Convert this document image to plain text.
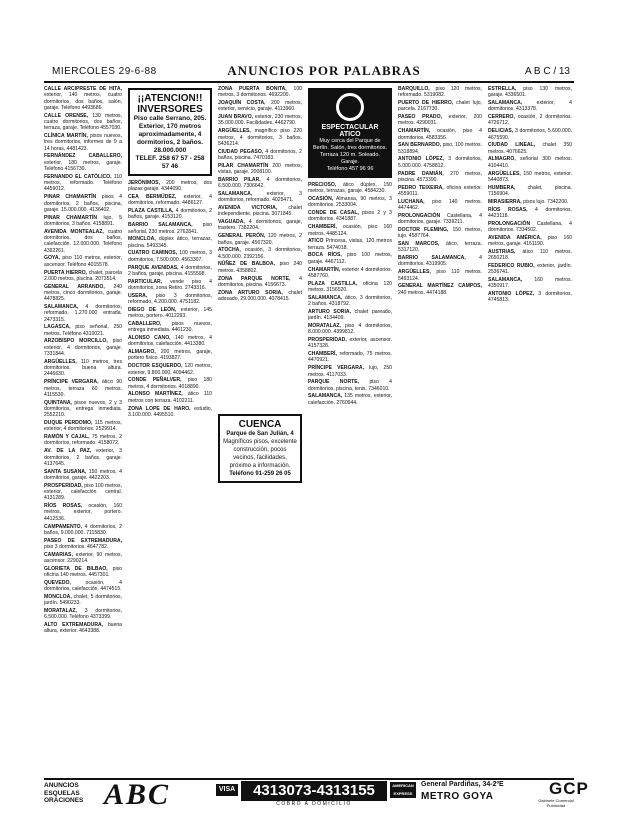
MIERCOLES 29-6-88	ANUNCIOS POR PALABRAS	A B C / 13

CALLE ARCIPRESTE DE HITA, exterior, 140 metros, cuatro dormitorios, dos baños, salón, garaje. Teléfono 4493686.

CALLE ORENSE, 130 metros, cuatro dormitorios, dos baños, terraza, garaje. Teléfono 4557030.

CLÍNICA MARTÍN, pisos nuevos, tres dormitorios, informes de 9 a 14 horas, 4481423.

FERNÁNDEZ CABALLERO, exterior, 180 metros, garaje. Teléfono 4156730.

FERNANDO EL CATÓLICO, 110 metros, reformado. Teléfono 4459012.

PINAR CHAMARTÍN pisos 4 dormitorios, 2 baños, piscina, garaje. 15.000.000. 4136402.

PINAR CHAMARTÍN lujo, 5 dormitorios, 3 baños. 4158891.

AVENIDA MONTEALAZ, cuatro dormitorios, dos baños, calefacción. 12.000.000. Teléfono 4392261.

GOYA, piso 110 metros, exterior, ascensor. Teléfono 4015578.

PUERTA HIERRO, chalet, parcela 2.000 metros, piscina. 2073514.

GENERAL ARRANDO, 240 metros, cinco dormitorios, garaje. 4478825.

SALAMANCA, 4 dormitorios, reformado, 1.270.000 entrada. 2473315.

LAGASCA, piso señorial, 250 metros. Teléfono 4310021.

ARZOBISPO MORCILLO, piso exterior, 4 dormitorios, garaje. 7331844.

ARGÜELLES, 110 metros, tres dormitorios, buena altura. 2446630.

PRÍNCIPE VERGARA, ático 90 metros, terraza 60 metros. 4115530.

QUINTANA, pisos nuevos, 2 y 3 dormitorios, entrega inmediata. 2552210.

DUQUE PERDOMO, 115 metros, exterior, 4 dormitorios. 2529914.

RAMÓN Y CAJAL, 75 metros, 2 dormitorios, reformado. 4158072.

AV. DE LA PAZ, exterior, 3 dormitorios, 2 baños, garaje. 4137645.

SANTA SUSANA, 150 metros, 4 dormitorios, garaje. 4422203.

PROSPERIDAD, piso 100 metros, exterior, calefacción central. 4131289.

RÍOS ROSAS, ocasión, 160 metros, exterior, portero. 4412536.

CAMPAMENTO, 4 dormitorios, 2 baños, 9.000.000. 7115830.

PASEO DE EXTREMADURA, piso 3 dormitorios. 4647782.

CAMARIAS, exterior, 90 metros, ascensor. 2290214.

GLORIETA DE BILBAO, piso oficina 140 metros. 4457301.

QUEVEDO,	ocasión, 4 dormitorios, calefacción. 4474515.

MONCLOA, chalet, 5 dormitorios, jardín. 5490233.

MORATALAZ, 3 dormitorios, 6.500.000. Teléfono 4373399.

ALTO EXTREMADURA, buena altura, exterior. 4643388.

¡¡ATENCION!!
INVERSORES
Piso calle Serrano, 205. Exterior, 170 metros aproximadamente, 4 dormitorios, 2 baños.
28.000.000
TELEF. 258 67 57 - 258 57 46

JERÓNIMOS, 200 metros, dos plazas garaje. 4344090.

CEA BERMÚDEZ, exterior, 4 dormitorios, reformado. 4486127.

PLAZA CASTILLA, 4 dormitorios, 2 baños, garaje. 4153120.

BARRIO SALAMANCA, piso señorial, 230 metros. 2762841.

MONCLOA, dúplex ático, terrazas, piscina. 5493345.

CUATRO CAMINOS, 100 metros, 3 dormitorios, 7.500.000. 4563307.

PARQUE AVENIDAS, 4 dormitorios, 2 baños, garaje, piscina. 4155598.

PARTICULAR, vende piso 4 dormitorios, zona Retiro. 2743316.

USERA, piso 3 dormitorios, reformado, 4.200.000. 4751182.

DIEGO DE LEÓN, exterior, 145 metros, portero. 4012293.

CABALLERO, pisos nuevos, entrega inmediata. 4461230.

ALONSO CANO, 140 metros, 4 dormitorios, calefacción. 4413380.

ALMAGRO, 200 metros, garaje, portero físico. 4193827.

DOCTOR ESQUERDO, 120 metros, exterior, 9.800.000. 4094462.

CONDE PEÑALVER, piso 180 metros, 4 dormitorios. 4018890.

ALONSO MARTÍNEZ, ático 110 metros con terraza. 4102211.

ZONA LOPE DE HARO, estudio, 3.100.000. 4495510.

ZONA PUERTA BONITA, 100 metros, 3 dormitorios. 4692200.

JOAQUÍN COSTA, 200 metros, exterior, servicio, garaje. 4113960.

JUAN BRAVO, exterior, 230 metros, 35.000.000. Facilidades. 4462790.

ARGÜELLES, magnífico piso 220 metros, 4 dormitorios, 3 baños. 5436214.

CIUDAD PEGASO, 4 dormitorios, 2 baños, piscina. 7470183.

PILAR CHAMARTÍN 200 metros, vistas, garaje. 2008100.

BARRIO PILAR, 4 dormitorios, 6.500.000. 7306642.

SALAMANCA,	exterior, 3 dormitorios, reformado. 4025471.

AVENIDA VICTORIA, chalet independiente, piscina. 3071845.

VAGUADA, 4 dormitorios, garaje, trastero. 7382204.

GENERAL PERÓN, 120 metros, 2 baños, garaje. 4567320.

ATOCHA, ocasión, 3 dormitorios, 4.500.000. 2392156.

NÚÑEZ DE BALBOA, piso 240 metros. 4358802.

ZONA PARQUE NORTE, 4 dormitorios, piscina. 4156673.

ZONA ARTURO SORIA, chalet adosado, 29.000.000. 4078415.

ESPECTACULAR ATICO
Muy cerca del Parque de Berlín. Salón, tres dormitorios. Terraza 120 m. Soleado. Garaje.
Teléfono 457 96 96

PRECIOSO, ático dúplex, 150 metros, terrazas, garaje. 4584230.

OCASIÓN, Almansa, 90 metros, 3 dormitorios. 2533004.

CONDE DE CASAL, pisos 2 y 3 dormitorios. 4341887.

CHAMBERÍ, ocasión, piso 160 metros. 4485124.

ATICO Princesa, vistas, 120 metros terraza. 5474018.

BOCA RÍOS, piso 100 metros, garaje. 4467112.

CHAMARTÍN, exterior 4 dormitorios. 4587760.

PLAZA CASTILLA, oficina 120 metros. 3156520.

SALAMANCA, ático, 3 dormitorios, 2 baños. 4318792.

ARTURO SORIA, chalet pareado, jardín. 4134409.

MORATALAZ, piso 4 dormitorios, 8.000.000. 4399812.

PROSPERIDAD, exterior, ascensor. 4157328.

CHAMBERÍ, reformado, 75 metros. 4470921.

PRÍNCIPE VERGARA, lujo, 250 metros. 4117033.

PARQUE NORTE, piso 4 dormitorios, piscina, tenis. 7346010.

SALAMANCA, 135 metros, exterior, calefacción. 2760944.

BARQUILLO, piso 120 metros, reformado. 5319082.

PUERTO DE HIERRO, chalet lujo, parcela. 2167730.

PASEO PRADO, exterior, 200 metros. 4290031.

CHAMARTÍN, ocasión, piso 4 dormitorios. 4583356.

SAN BERNARDO, piso, 100 metros. 5318894.

ANTONIO LÓPEZ, 3 dormitorios, 5.000.000. 4758812.

PADRE DAMIÁN, 270 metros, piscina. 4573390.

PEDRO TEIXEIRA, oficina exterior. 4559011.

LUCHANA, piso 140 metros. 4474462.

PROLONGACIÓN Castellana, 4 dormitorios, garaje. 7339211.

DOCTOR FLEMING, 150 metros, lujo. 4587764.

SAN MARCOS, ático, terraza. 5317120.

BARRIO SALAMANCA,	4 dormitorios. 4319905.

ARGÜELLES, piso 110 metros. 5493124.

GENERAL MARTÍNEZ CAMPOS, 240 metros. 4474188.

ESTRELLA, piso 130 metros, garaje. 4336501.

SALAMANCA,	exterior, 4 dormitorios. 4313378.

CERRERO, ocasión, 2 dormitorios. 4726712.

DELICIAS, 3 dormitorios, 5.600.000. 4675590.

CIUDAD LINEAL, chalet 350 metros. 4076625.

ALMAGRO, señorial 300 metros. 4104410.

ARGÜELLES, 150 metros, exterior. 5440873.

HUMBERA, chalet, piscina. 7156904.

MIRASIERRA, pisos lujo. 7342200.

RÍOS ROSAS, 4 dormitorios. 4423118.

PROLONGACIÓN Castellana, 4 dormitorios. 7334502.

AVENIDA AMÉRICA, piso 160 metros, garaje. 4161190.

AUSTRIAS, ático 110 metros. 2650218.

FEDERICO RUBIO, exterior, jardín. 2536741.

SALAMANCA, 160 metros. 4350917.

ANTONIO LÓPEZ, 3 dormitorios. 4745813.

CUENCA
Parque de San Julián, 4
Magníficos pisos, excelente construcción, pocos vecinos, facilidades, próximo a información.
Teléfono 91-259 26 05
ANUNCIOS
ESQUELAS
ORACIONES ABC	VISA	4313073-4313155
COBRO A DOMICILIO
AMERICAN EXPRESS
General Pardiñas, 34-2ºE
METRO GOYA	GCP
Gabinete Comercial Publicidad
